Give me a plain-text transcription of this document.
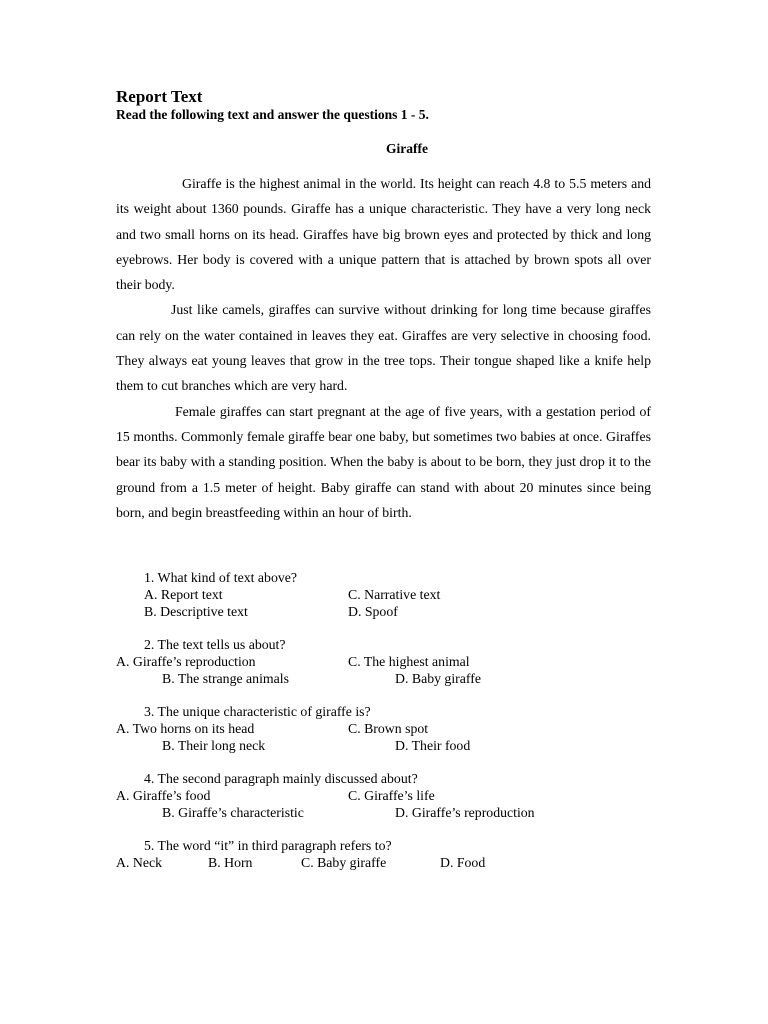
Report Text
Read the following text and answer the questions 1 - 5.
Giraffe

Giraffe is the highest animal in the world. Its height can reach 4.8 to 5.5 meters and its weight about 1360 pounds. Giraffe has a unique characteristic. They have a very long neck and two small horns on its head. Giraffes have big brown eyes and protected by thick and long eyebrows. Her body is covered with a unique pattern that is attached by brown spots all over their body.

Just like camels, giraffes can survive without drinking for long time because giraffes can rely on the water contained in leaves they eat. Giraffes are very selective in choosing food. They always eat young leaves that grow in the tree tops. Their tongue shaped like a knife help them to cut branches which are very hard.

Female giraffes can start pregnant at the age of five years, with a gestation period of 15 months. Commonly female giraffe bear one baby, but sometimes two babies at once. Giraffes bear its baby with a standing position. When the baby is about to be born, they just drop it to the ground from a 1.5 meter of height. Baby giraffe can stand with about 20 minutes since being born, and begin breastfeeding within an hour of birth.

1. What kind of text above?
A. Report text
B. Descriptive text
C. Narrative text
D. Spoof
2. The text tells us about?
A. Giraffe’s reproduction
B. The strange animals
C. The highest animal
D. Baby giraffe
3. The unique characteristic of giraffe is?
A. Two horns on its head
B. Their long neck
C. Brown spot
D. Their food
4. The second paragraph mainly discussed about?
A. Giraffe’s food
B. Giraffe’s characteristic
C. Giraffe’s life
D. Giraffe’s reproduction
5. The word “it” in third paragraph refers to?
A. Neck	B. Horn	C. Baby giraffe	D. Food
